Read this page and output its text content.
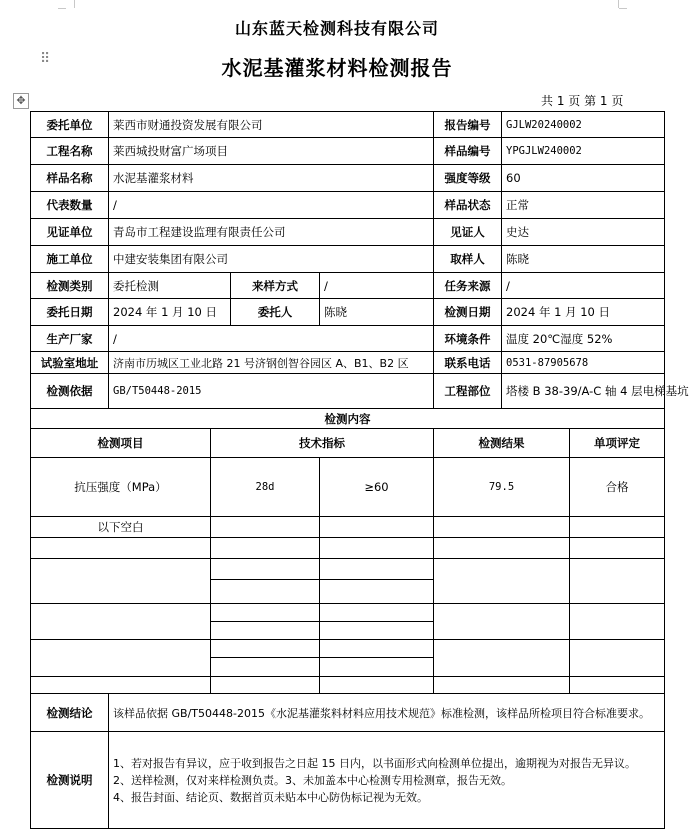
山东蓝天检测科技有限公司
⠿	水泥基灌浆材料检测报告
✥	共 1 页 第 1 页
委托单位	莱西市财通投资发展有限公司				报告编号	GJLW20240002	
工程名称	莱西城投财富广场项目				样品编号	YPGJLW240002	
样品名称	水泥基灌浆材料				强度等级	60	
代表数量	/				样品状态	正常	
见证单位	青岛市工程建设监理有限责任公司				见证人	史达	
施工单位	中建安装集团有限公司				取样人	陈晓	
检测类别	委托检测		来样方式	/	任务来源	/	
委托日期	2024 年 1 月 10 日		委托人	陈晓	检测日期	2024 年 1 月 10 日	
生产厂家	/				环境条件	温度 20℃湿度 52%	
试验室地址	济南市历城区工业北路 21 号济钢创智谷园区 A、B1、B2 区				联系电话	0531-87905678	
检测依据	GB/T50448-2015				工程部位	塔楼 B 38-39/A-C 轴 4 层电梯基坑	
检测内容							
检测项目		技术指标			检测结果		单项评定
抗压强度（MPa）		28d		≥60	79.5		合格
以下空白							

检测结论	该样品依据 GB/T50448-2015《水泥基灌浆料材料应用技术规范》标准检测，该样品所检项目符合标准要求。						
检测说明	1、若对报告有异议，应于收到报告之日起 15 日内，以书面形式向检测单位提出，逾期视为对报告无异议。
2、送样检测，仅对来样检测负责。3、未加盖本中心检测专用检测章，报告无效。
4、报告封面、结论页、数据首页未贴本中心防伪标记视为无效。						
